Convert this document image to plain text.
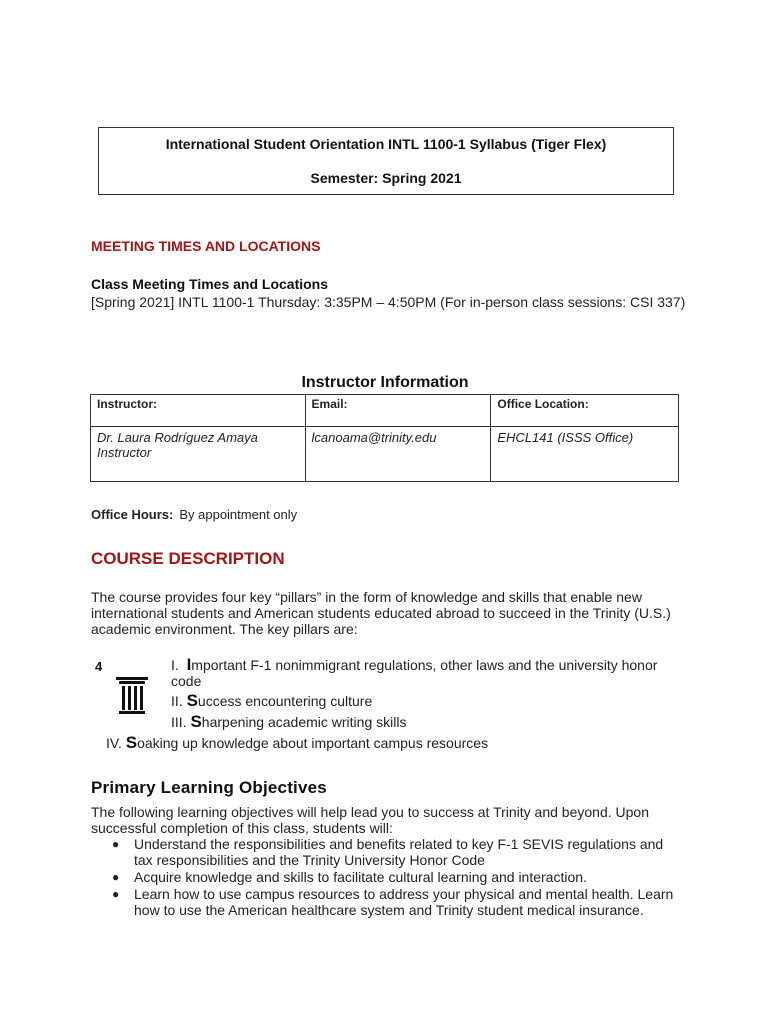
International Student Orientation INTL 1100-1 Syllabus (Tiger Flex)
Semester: Spring 2021
MEETING TIMES AND LOCATIONS
Class Meeting Times and Locations
[Spring 2021] INTL 1100-1 Thursday: 3:35PM – 4:50PM (For in-person class sessions: CSI 337)
Instructor Information
Instructor:	Email:	Office Location:

Dr. Laura Rodríguez Amaya
Instructor	lcanoama@trinity.edu	EHCL141 (ISSS Office)
Office Hours: By appointment only
COURSE DESCRIPTION
The course provides four key “pillars” in the form of knowledge and skills that enable new international students and American students educated abroad to succeed in the Trinity (U.S.) academic environment. The key pillars are:
4	I. Important F-1 nonimmigrant regulations, other laws and the university honor code
II. Success encountering culture
III. Sharpening academic writing skills
IV. Soaking up knowledge about important campus resources
Primary Learning Objectives
The following learning objectives will help lead you to success at Trinity and beyond. Upon successful completion of this class, students will:
● Understand the responsibilities and benefits related to key F-1 SEVIS regulations and tax responsibilities and the Trinity University Honor Code
● Acquire knowledge and skills to facilitate cultural learning and interaction.
● Learn how to use campus resources to address your physical and mental health. Learn how to use the American healthcare system and Trinity student medical insurance.
